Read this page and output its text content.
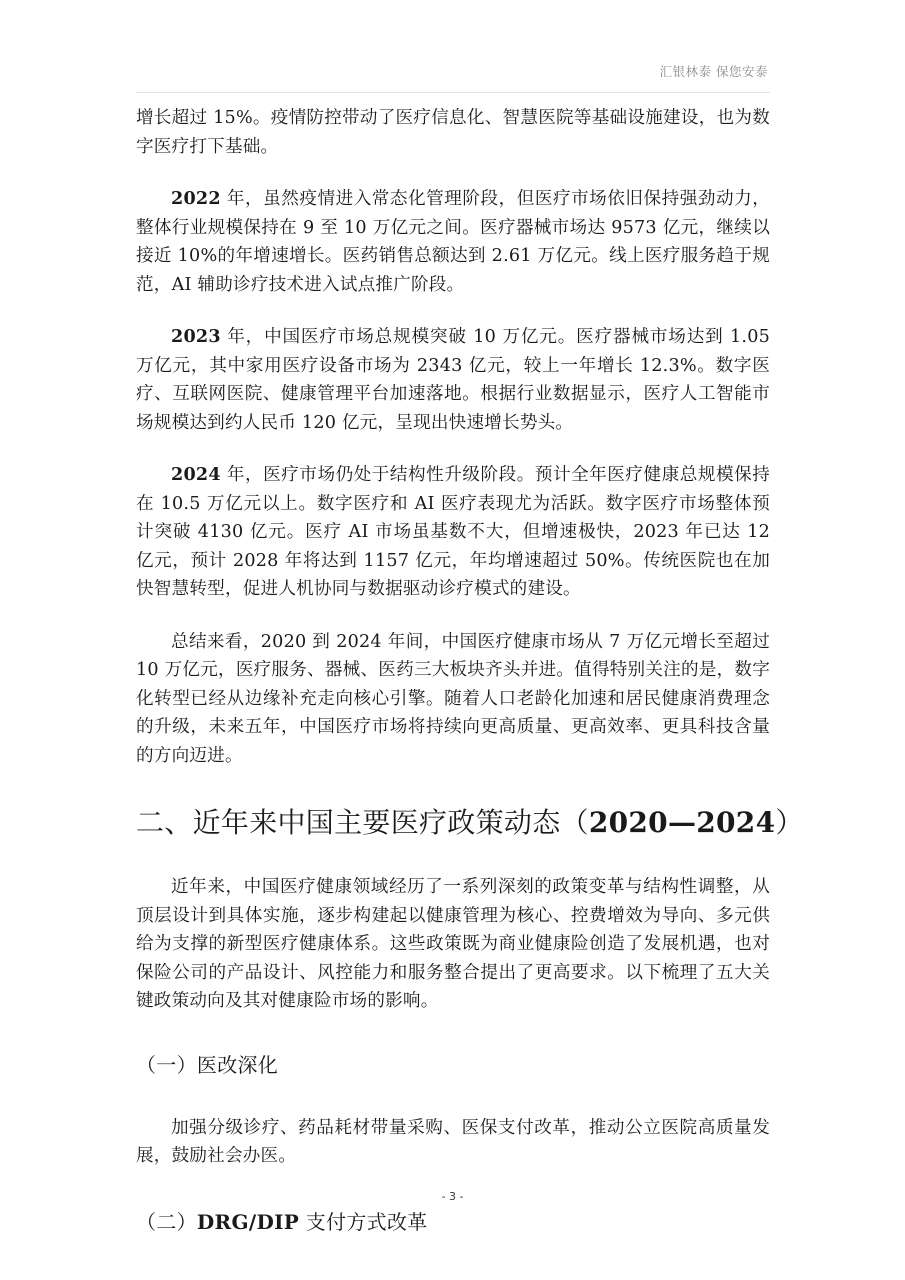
汇银林泰 保您安泰

增长超过 15%。疫情防控带动了医疗信息化、智慧医院等基础设施建设，也为数字医疗打下基础。

2022 年，虽然疫情进入常态化管理阶段，但医疗市场依旧保持强劲动力，整体行业规模保持在 9 至 10 万亿元之间。医疗器械市场达 9573 亿元，继续以接近 10%的年增速增长。医药销售总额达到 2.61 万亿元。线上医疗服务趋于规范，AI 辅助诊疗技术进入试点推广阶段。

2023 年，中国医疗市场总规模突破 10 万亿元。医疗器械市场达到 1.05 万亿元，其中家用医疗设备市场为 2343 亿元，较上一年增长 12.3%。数字医疗、互联网医院、健康管理平台加速落地。根据行业数据显示，医疗人工智能市场规模达到约人民币 120 亿元，呈现出快速增长势头。

2024 年，医疗市场仍处于结构性升级阶段。预计全年医疗健康总规模保持在 10.5 万亿元以上。数字医疗和 AI 医疗表现尤为活跃。数字医疗市场整体预计突破 4130 亿元。医疗 AI 市场虽基数不大，但增速极快，2023 年已达 12 亿元，预计 2028 年将达到 1157 亿元，年均增速超过 50%。传统医院也在加快智慧转型，促进人机协同与数据驱动诊疗模式的建设。

总结来看，2020 到 2024 年间，中国医疗健康市场从 7 万亿元增长至超过 10 万亿元，医疗服务、器械、医药三大板块齐头并进。值得特别关注的是，数字化转型已经从边缘补充走向核心引擎。随着人口老龄化加速和居民健康消费理念的升级，未来五年，中国医疗市场将持续向更高质量、更高效率、更具科技含量的方向迈进。

二、近年来中国主要医疗政策动态（2020—2024）

近年来，中国医疗健康领域经历了一系列深刻的政策变革与结构性调整，从顶层设计到具体实施，逐步构建起以健康管理为核心、控费增效为导向、多元供给为支撑的新型医疗健康体系。这些政策既为商业健康险创造了发展机遇，也对保险公司的产品设计、风控能力和服务整合提出了更高要求。以下梳理了五大关键政策动向及其对健康险市场的影响。

（一）医改深化

加强分级诊疗、药品耗材带量采购、医保支付改革，推动公立医院高质量发展，鼓励社会办医。

（二）DRG/DIP 支付方式改革
- 3 -
